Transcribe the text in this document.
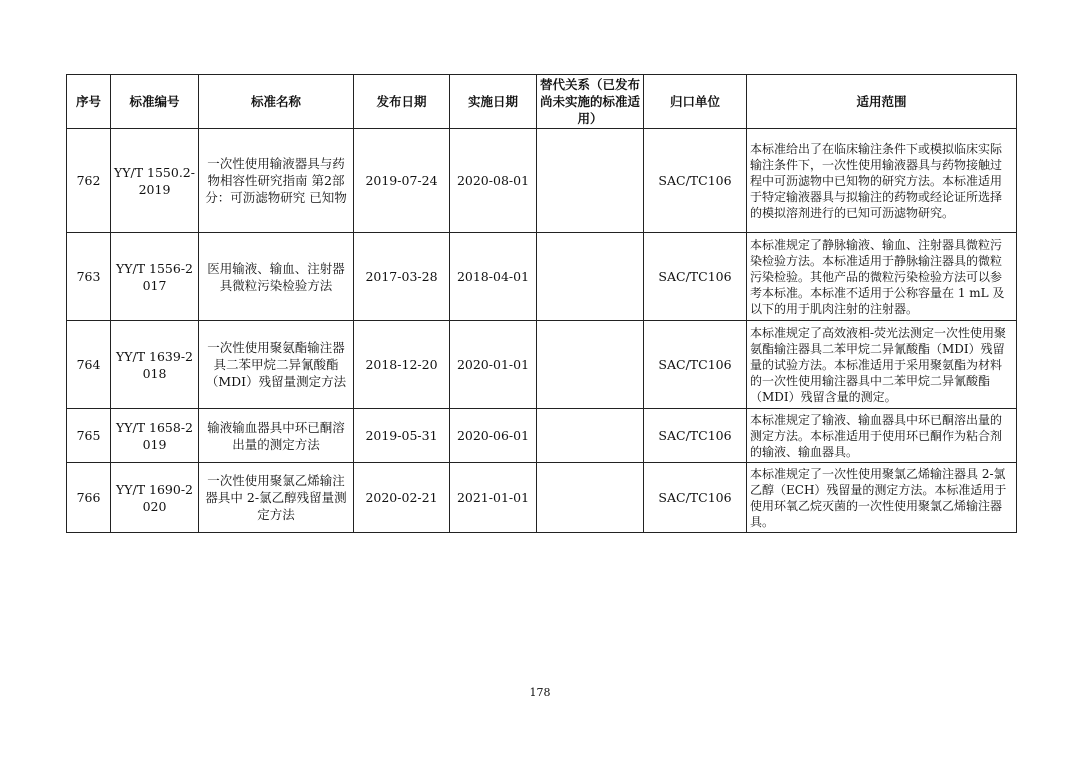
序号	标准编号	标准名称	发布日期	实施日期	替代关系（已发布尚未实施的标准适用）	归口单位	适用范围
762	YY/T 1550.2-2019	一次性使用输液器具与药物相容性研究指南 第2部分：可沥滤物研究 已知物	2019-07-24	2020-08-01		SAC/TC106	本标准给出了在临床输注条件下或模拟临床实际输注条件下，一次性使用输液器具与药物接触过程中可沥滤物中已知物的研究方法。本标准适用于特定输液器具与拟输注的药物或经论证所选择的模拟溶剂进行的已知可沥滤物研究。
763	YY/T 1556-2017	医用输液、输血、注射器具微粒污染检验方法	2017-03-28	2018-04-01		SAC/TC106	本标准规定了静脉输液、输血、注射器具微粒污染检验方法。本标准适用于静脉输注器具的微粒污染检验。其他产品的微粒污染检验方法可以参考本标准。本标准不适用于公称容量在 1 mL 及以下的用于肌肉注射的注射器。
764	YY/T 1639-2018	一次性使用聚氨酯输注器具二苯甲烷二异氰酸酯（MDI）残留量测定方法	2018-12-20	2020-01-01		SAC/TC106	本标准规定了高效液相-荧光法测定一次性使用聚氨酯输注器具二苯甲烷二异氰酸酯（MDI）残留量的试验方法。本标准适用于采用聚氨酯为材料的一次性使用输注器具中二苯甲烷二异氰酸酯（MDI）残留含量的测定。
765	YY/T 1658-2019	输液输血器具中环已酮溶出量的测定方法	2019-05-31	2020-06-01		SAC/TC106	本标准规定了输液、输血器具中环已酮溶出量的测定方法。本标准适用于使用环已酮作为粘合剂的输液、输血器具。
766	YY/T 1690-2020	一次性使用聚氯乙烯输注器具中 2-氯乙醇残留量测定方法	2020-02-21	2021-01-01		SAC/TC106	本标准规定了一次性使用聚氯乙烯输注器具 2-氯乙醇（ECH）残留量的测定方法。本标准适用于使用环氧乙烷灭菌的一次性使用聚氯乙烯输注器具。
178
